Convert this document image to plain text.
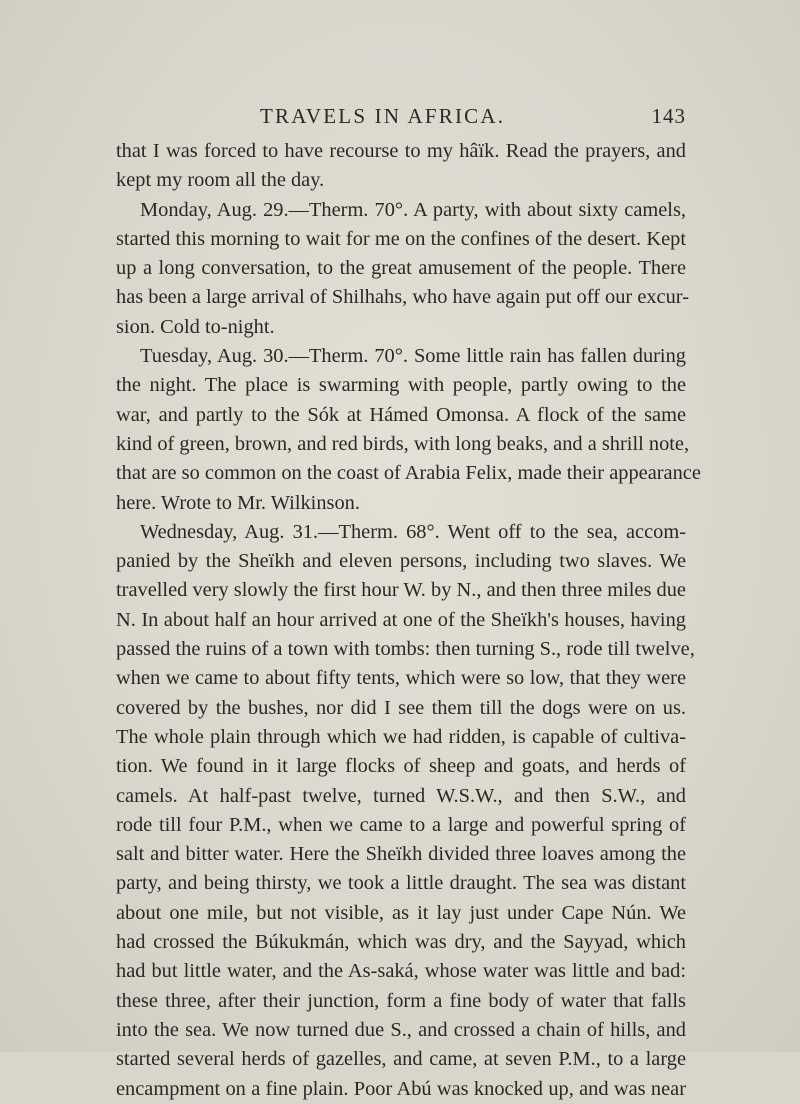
TRAVELS IN AFRICA.	143
that I was forced to have recourse to my hâïk. Read the prayers, and
kept my room all the day.
Monday, Aug. 29.—Therm. 70°. A party, with about sixty camels,
started this morning to wait for me on the confines of the desert. Kept
up a long conversation, to the great amusement of the people. There
has been a large arrival of Shilhahs, who have again put off our excur-
sion. Cold to-night.
Tuesday, Aug. 30.—Therm. 70°. Some little rain has fallen during
the night. The place is swarming with people, partly owing to the
war, and partly to the Sók at Hámed Omonsa. A flock of the same
kind of green, brown, and red birds, with long beaks, and a shrill note,
that are so common on the coast of Arabia Felix, made their appearance
here. Wrote to Mr. Wilkinson.
Wednesday, Aug. 31.—Therm. 68°. Went off to the sea, accom-
panied by the Sheïkh and eleven persons, including two slaves. We
travelled very slowly the first hour W. by N., and then three miles due
N. In about half an hour arrived at one of the Sheïkh's houses, having
passed the ruins of a town with tombs: then turning S., rode till twelve,
when we came to about fifty tents, which were so low, that they were
covered by the bushes, nor did I see them till the dogs were on us.
The whole plain through which we had ridden, is capable of cultiva-
tion. We found in it large flocks of sheep and goats, and herds of
camels. At half-past twelve, turned W.S.W., and then S.W., and
rode till four P.M., when we came to a large and powerful spring of
salt and bitter water. Here the Sheïkh divided three loaves among the
party, and being thirsty, we took a little draught. The sea was distant
about one mile, but not visible, as it lay just under Cape Nún. We
had crossed the Búkukmán, which was dry, and the Sayyad, which
had but little water, and the As-saká, whose water was little and bad:
these three, after their junction, form a fine body of water that falls
into the sea. We now turned due S., and crossed a chain of hills, and
started several herds of gazelles, and came, at seven P.M., to a large
encampment on a fine plain. Poor Abú was knocked up, and was near
